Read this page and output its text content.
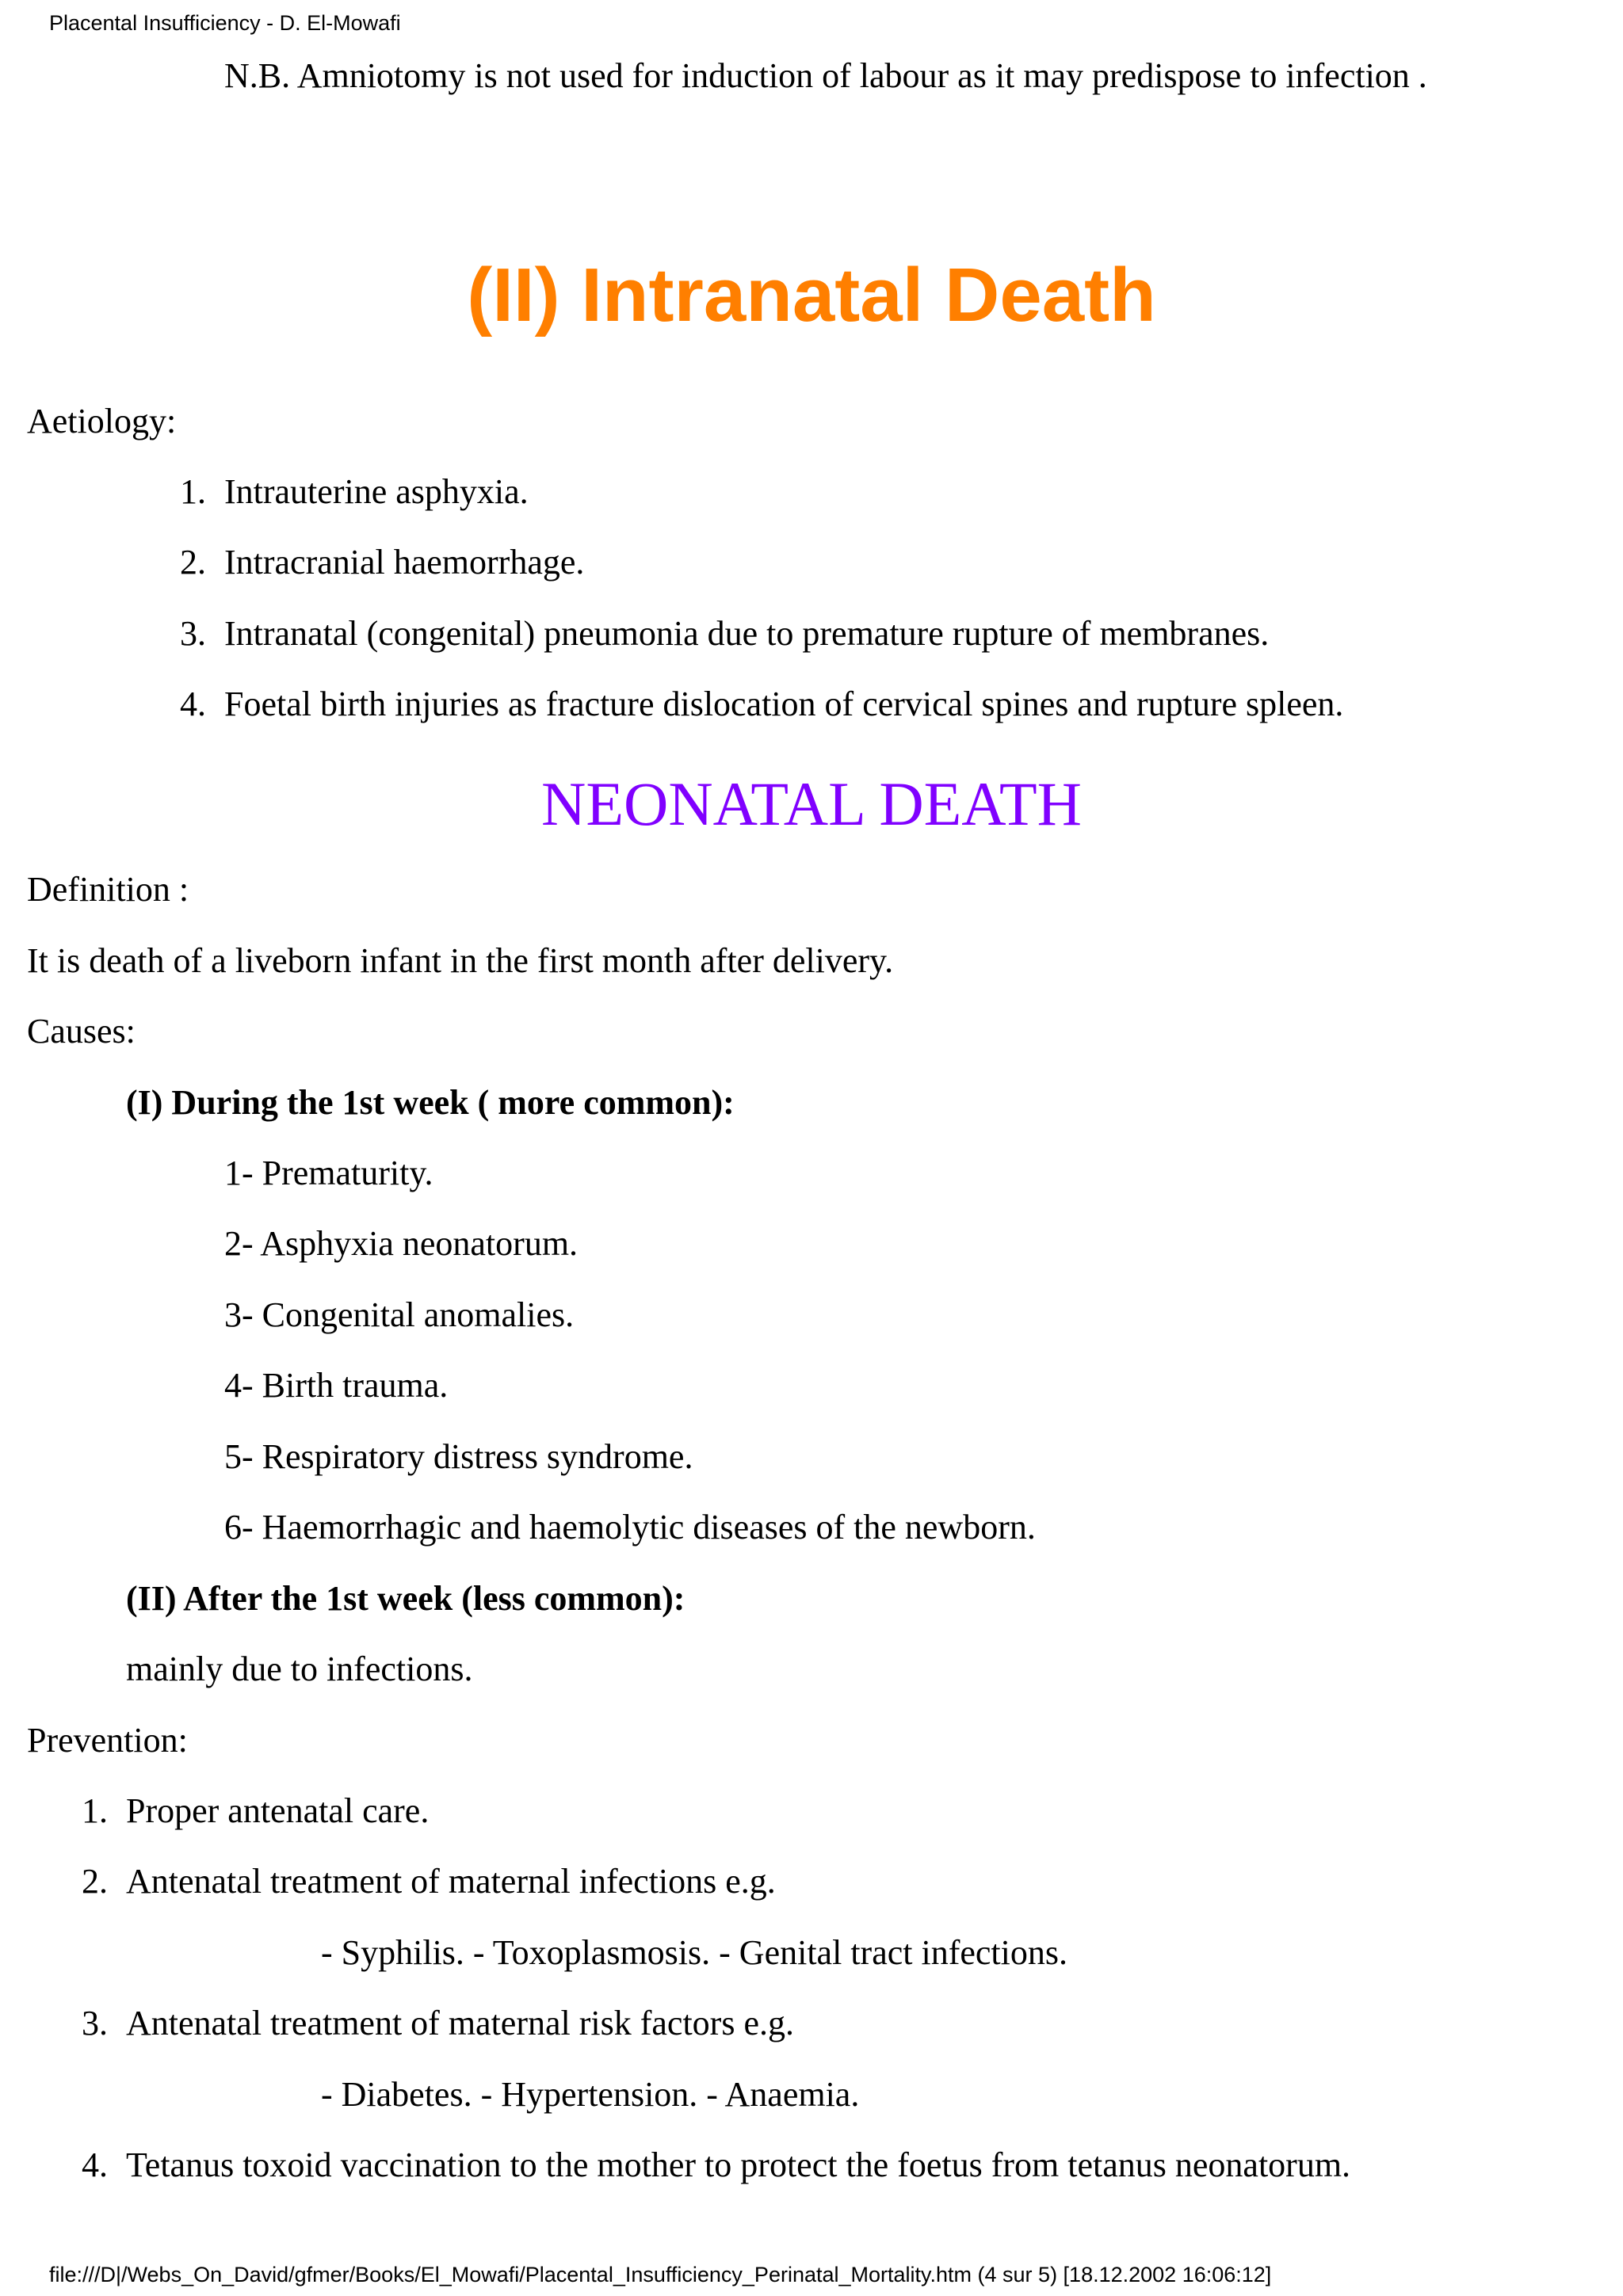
Placental Insufficiency - D. El-Mowafi
N.B. Amniotomy is not used for induction of labour as it may predispose to infection .
(II) Intranatal Death
Aetiology:
1. Intrauterine asphyxia.
2. Intracranial haemorrhage.
3. Intranatal (congenital) pneumonia due to premature rupture of membranes.
4. Foetal birth injuries as fracture dislocation of cervical spines and rupture spleen.
NEONATAL DEATH
Definition :
It is death of a liveborn infant in the first month after delivery.
Causes:
(I) During the 1st week ( more common):
1- Prematurity.
2- Asphyxia neonatorum.
3- Congenital anomalies.
4- Birth trauma.
5- Respiratory distress syndrome.
6- Haemorrhagic and haemolytic diseases of the newborn.
(II) After the 1st week (less common):
mainly due to infections.
Prevention:
1. Proper antenatal care.
2. Antenatal treatment of maternal infections e.g.
- Syphilis. - Toxoplasmosis. - Genital tract infections.
3. Antenatal treatment of maternal risk factors e.g.
- Diabetes. - Hypertension. - Anaemia.
4. Tetanus toxoid vaccination to the mother to protect the foetus from tetanus neonatorum.
file:///D|/Webs_On_David/gfmer/Books/El_Mowafi/Placental_Insufficiency_Perinatal_Mortality.htm (4 sur 5) [18.12.2002 16:06:12]
